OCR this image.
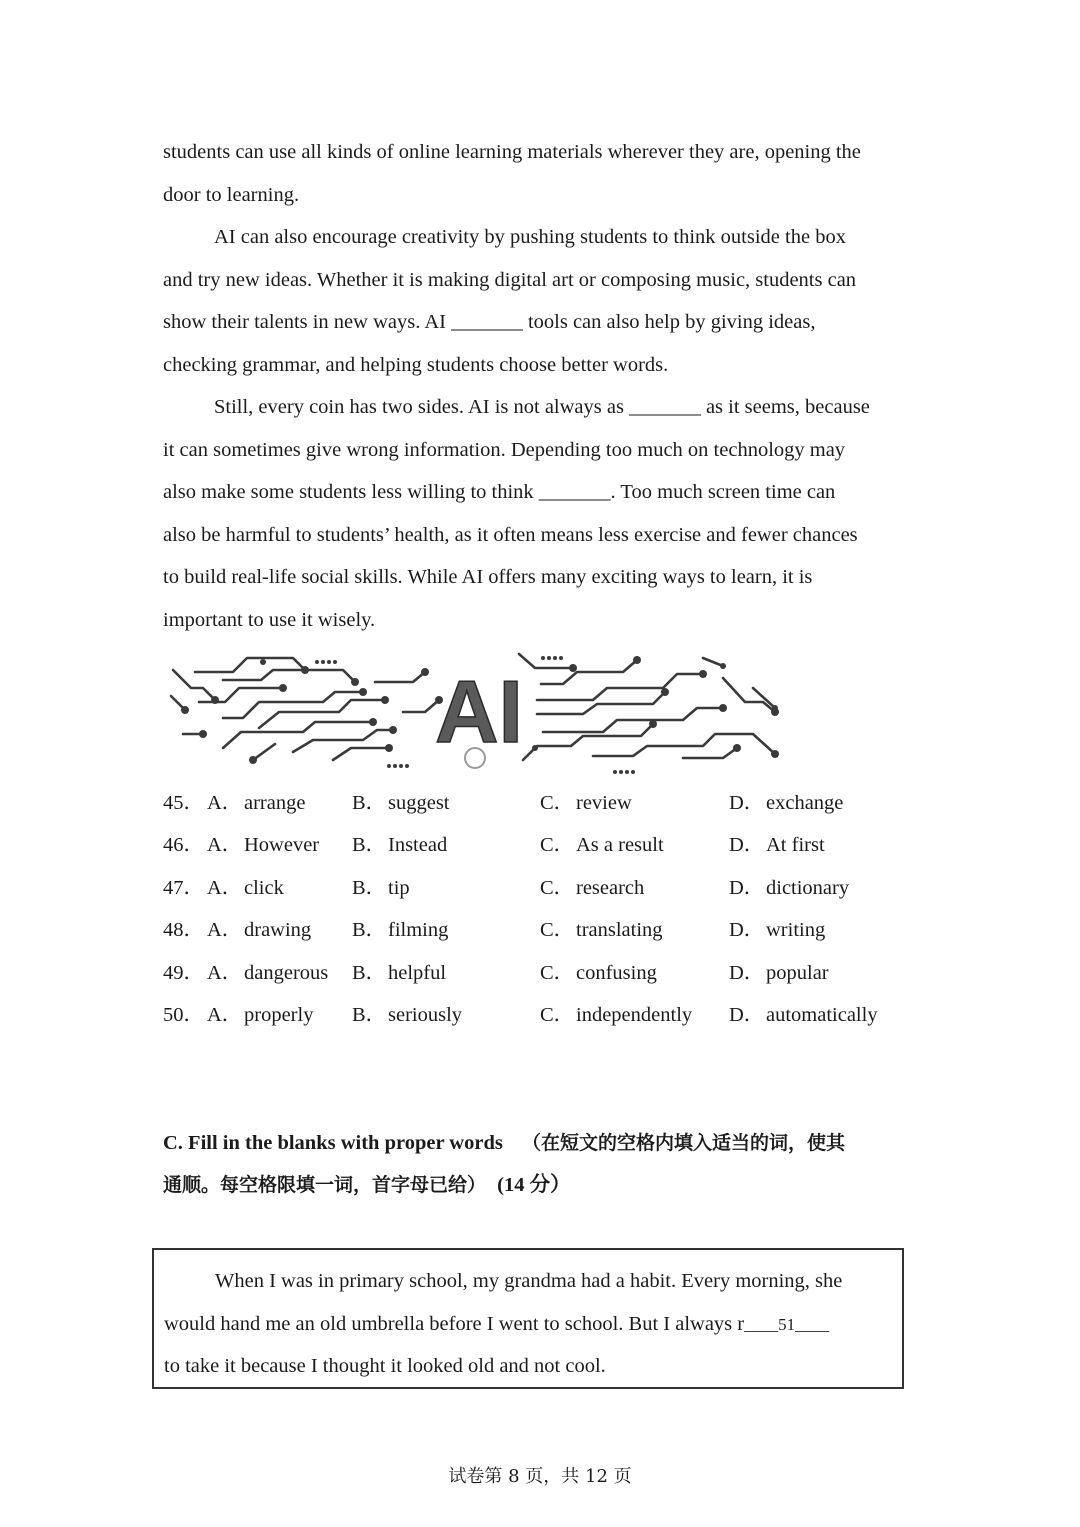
students can use all kinds of online learning materials wherever they are, opening the
door to learning.
AI can also encourage creativity by pushing students to think outside the box
and try new ideas. Whether it is making digital art or composing music, students can
show their talents in new ways. AI _______ tools can also help by giving ideas,
checking grammar, and helping students choose better words.
Still, every coin has two sides. AI is not always as _______ as it seems, because
it can sometimes give wrong information. Depending too much on technology may
also make some students less willing to think _______. Too much screen time can
also be harmful to students’ health, as it often means less exercise and fewer chances
to build real-life social skills. While AI offers many exciting ways to learn, it is
important to use it wisely.
AI
45． A． arrange B． suggest	C． review	D． exchange
46． A． However B． Instead	C． As a result	D． At first
47． A． click	B． tip	C． research	D． dictionary
48． A． drawing B． filming	C． translating	D． writing
49． A． dangerous B． helpful	C． confusing	D． popular
50． A． properly B． seriously	C． independently D． automatically
C. Fill in the blanks with proper words （在短文的空格内填入适当的词，使其
通顺。每空格限填一词，首字母已给） (14 分）
When I was in primary school, my grandma had a habit. Every morning, she
would hand me an old umbrella before I went to school. But I always r____51____
to take it because I thought it looked old and not cool.
试卷第 8 页，共 12 页
